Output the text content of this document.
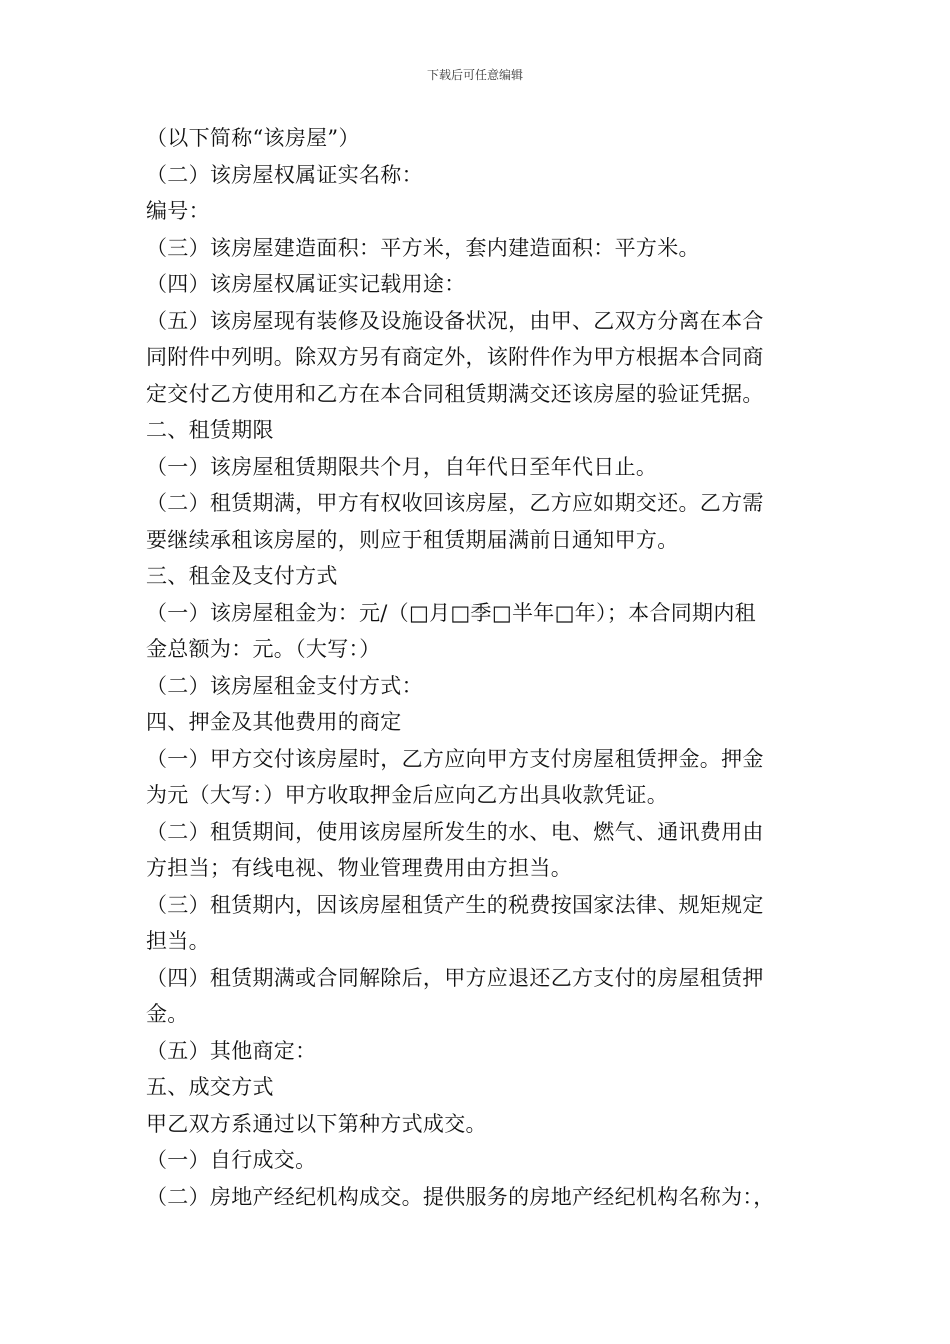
下载后可任意编辑
（以下简称“该房屋”）
（二）该房屋权属证实名称：
编号：
（三）该房屋建造面积：平方米，套内建造面积：平方米。
（四）该房屋权属证实记载用途：
（五）该房屋现有装修及设施设备状况，由甲、乙双方分离在本合
同附件中列明。除双方另有商定外，该附件作为甲方根据本合同商
定交付乙方使用和乙方在本合同租赁期满交还该房屋的验证凭据。
二、租赁期限
（一）该房屋租赁期限共个月，自年代日至年代日止。
（二）租赁期满，甲方有权收回该房屋，乙方应如期交还。乙方需
要继续承租该房屋的，则应于租赁期届满前日通知甲方。
三、租金及支付方式
（一）该房屋租金为：元/（□月□季□半年□年）；本合同期内租
金总额为：元。（大写：）
（二）该房屋租金支付方式：
四、押金及其他费用的商定
（一）甲方交付该房屋时，乙方应向甲方支付房屋租赁押金。押金
为元（大写：）甲方收取押金后应向乙方出具收款凭证。
（二）租赁期间，使用该房屋所发生的水、电、燃气、通讯费用由
方担当；有线电视、物业管理费用由方担当。
（三）租赁期内，因该房屋租赁产生的税费按国家法律、规矩规定
担当。
（四）租赁期满或合同解除后，甲方应退还乙方支付的房屋租赁押
金。
（五）其他商定：
五、成交方式
甲乙双方系通过以下第种方式成交。
（一）自行成交。
（二）房地产经纪机构成交。提供服务的房地产经纪机构名称为：，
